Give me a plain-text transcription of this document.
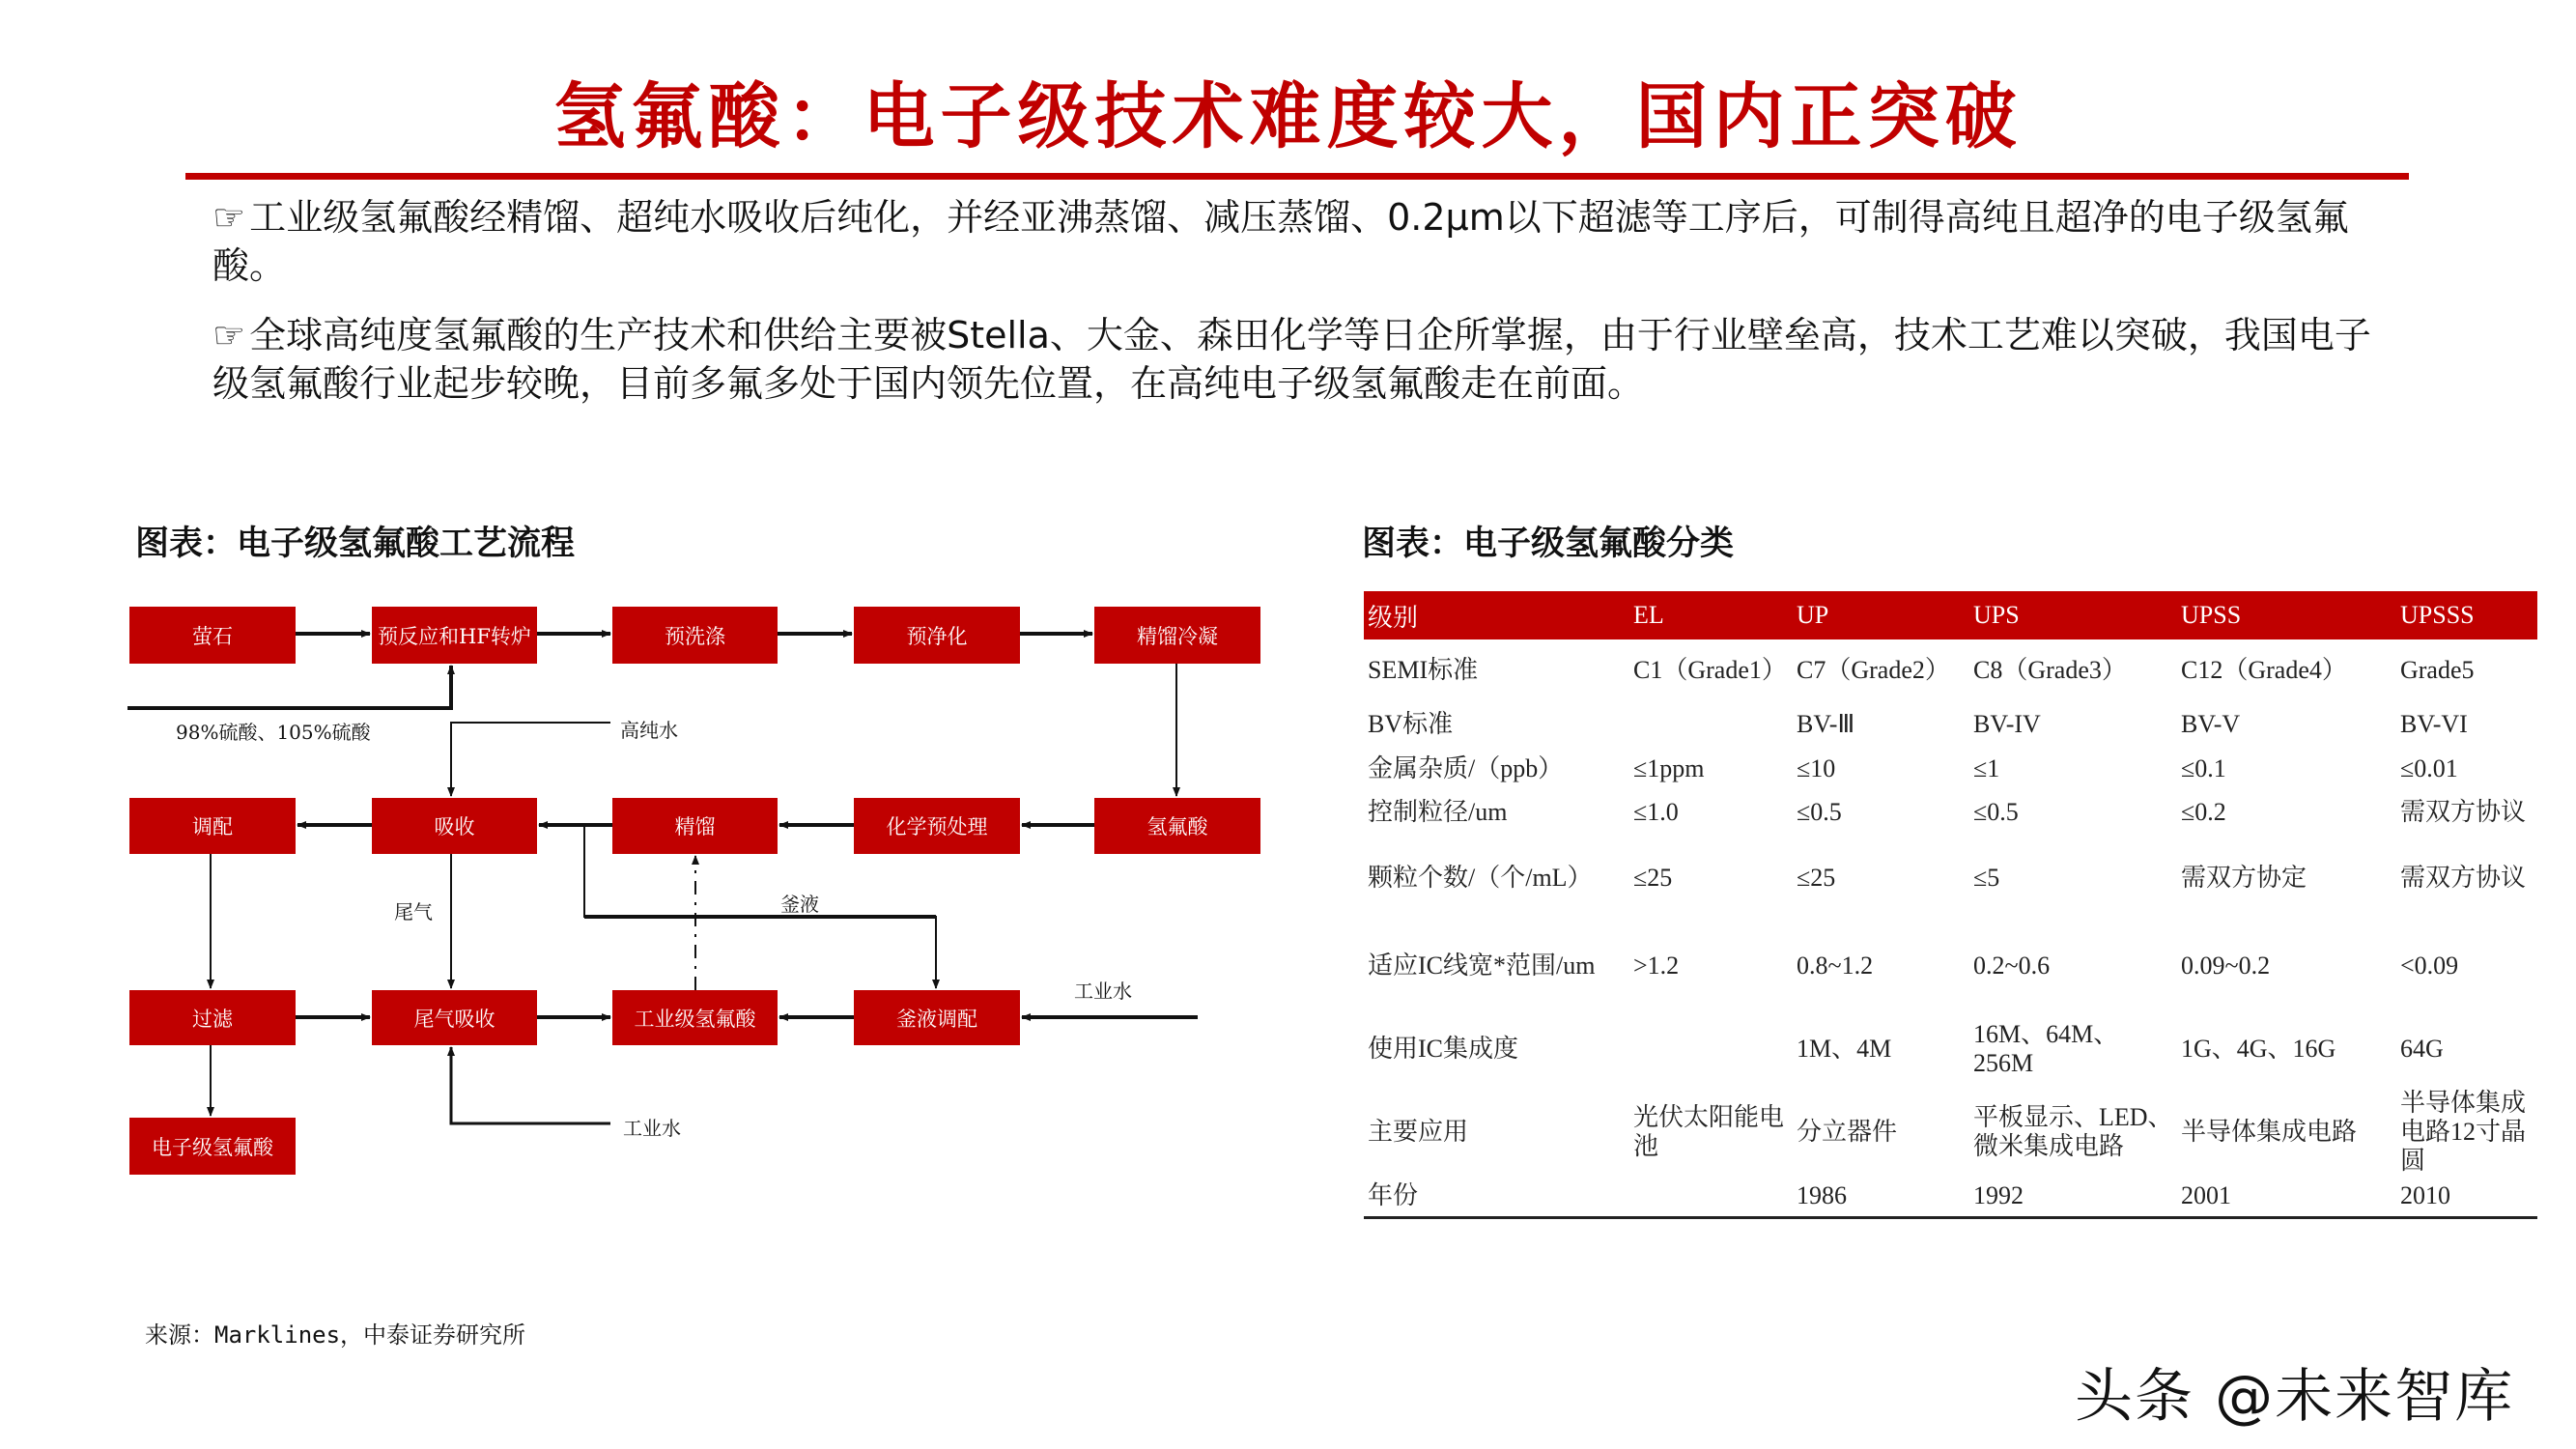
氢氟酸：电子级技术难度较大，国内正突破
☞ 工业级氢氟酸经精馏、超纯水吸收后纯化，并经亚沸蒸馏、减压蒸馏、0.2μm以下超滤等工序后，可制得高纯且超净的电子级氢氟酸。
☞ 全球高纯度氢氟酸的生产技术和供给主要被Stella、大金、森田化学等日企所掌握，由于行业壁垒高，技术工艺难以突破，我国电子级氢氟酸行业起步较晚，目前多氟多处于国内领先位置，在高纯电子级氢氟酸走在前面。
图表：电子级氢氟酸工艺流程
萤石	预反应和HF转炉	预洗涤	预净化	精馏冷凝
调配	吸收	精馏	化学预处理	氢氟酸
过滤	尾气吸收	工业级氢氟酸	釜液调配
电子级氢氟酸
98%硫酸、105%硫酸	高纯水
尾气	釜液
工业水
工业水
图表：电子级氢氟酸分类
级别	EL	UP	UPS	UPSS	UPSSS
SEMI标准	C1（Grade1）	C7（Grade2）	C8（Grade3）	C12（Grade4）	Grade5
BV标准		BV-Ⅲ	BV-IV	BV-V	BV-VI
金属杂质/（ppb）	≤1ppm	≤10	≤1	≤0.1	≤0.01
控制粒径/um	≤1.0	≤0.5	≤0.5	≤0.2	需双方协议
颗粒个数/（个/mL）	≤25	≤25	≤5	需双方协定	需双方协议
适应IC线宽*范围/um	>1.2	0.8~1.2	0.2~0.6	0.09~0.2	<0.09
使用IC集成度		1M、4M	16M、64M、256M	1G、4G、16G	64G
主要应用	光伏太阳能电池	分立器件	平板显示、LED、微米集成电路	半导体集成电路	半导体集成电路12寸晶圆
年份		1986	1992	2001	2010
来源：Marklines，中泰证券研究所
头条 @未来智库
